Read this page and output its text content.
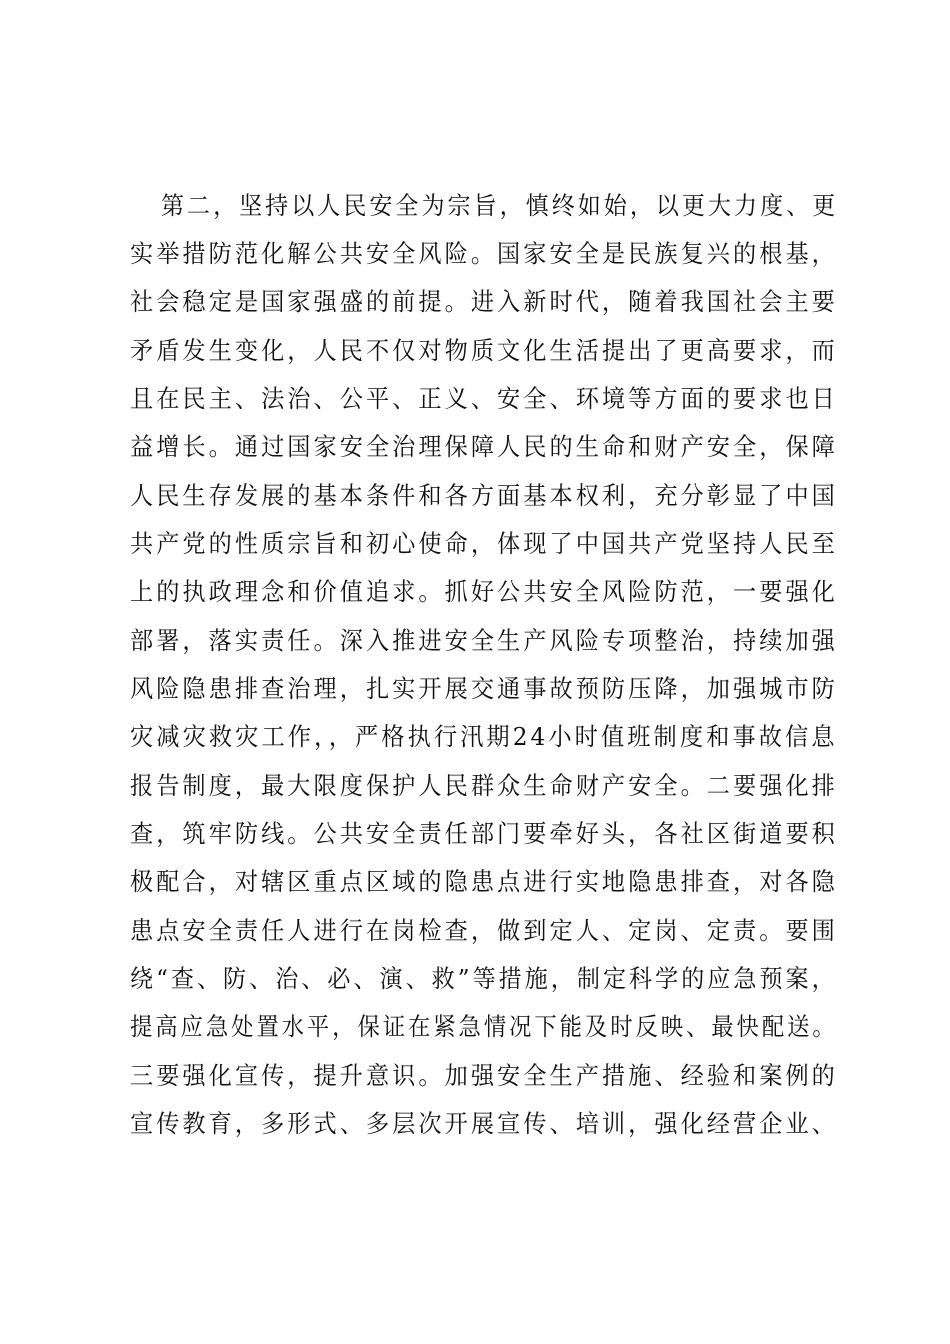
第二，坚持以人民安全为宗旨，慎终如始，以更大力度、更
实举措防范化解公共安全风险。国家安全是民族复兴的根基，
社会稳定是国家强盛的前提。进入新时代，随着我国社会主要
矛盾发生变化，人民不仅对物质文化生活提出了更高要求，而
且在民主、法治、公平、正义、安全、环境等方面的要求也日
益增长。通过国家安全治理保障人民的生命和财产安全，保障
人民生存发展的基本条件和各方面基本权利，充分彰显了中国
共产党的性质宗旨和初心使命，体现了中国共产党坚持人民至
上的执政理念和价值追求。抓好公共安全风险防范，一要强化
部署，落实责任。深入推进安全生产风险专项整治，持续加强
风险隐患排查治理，扎实开展交通事故预防压降，加强城市防
灾减灾救灾工作，，严格执行汛期24小时值班制度和事故信息
报告制度，最大限度保护人民群众生命财产安全。二要强化排
查，筑牢防线。公共安全责任部门要牵好头，各社区街道要积
极配合，对辖区重点区域的隐患点进行实地隐患排查，对各隐
患点安全责任人进行在岗检查，做到定人、定岗、定责。要围
绕“查、防、治、必、演、救”等措施，制定科学的应急预案，
提高应急处置水平，保证在紧急情况下能及时反映、最快配送。
三要强化宣传，提升意识。加强安全生产措施、经验和案例的
宣传教育，多形式、多层次开展宣传、培训，强化经营企业、
